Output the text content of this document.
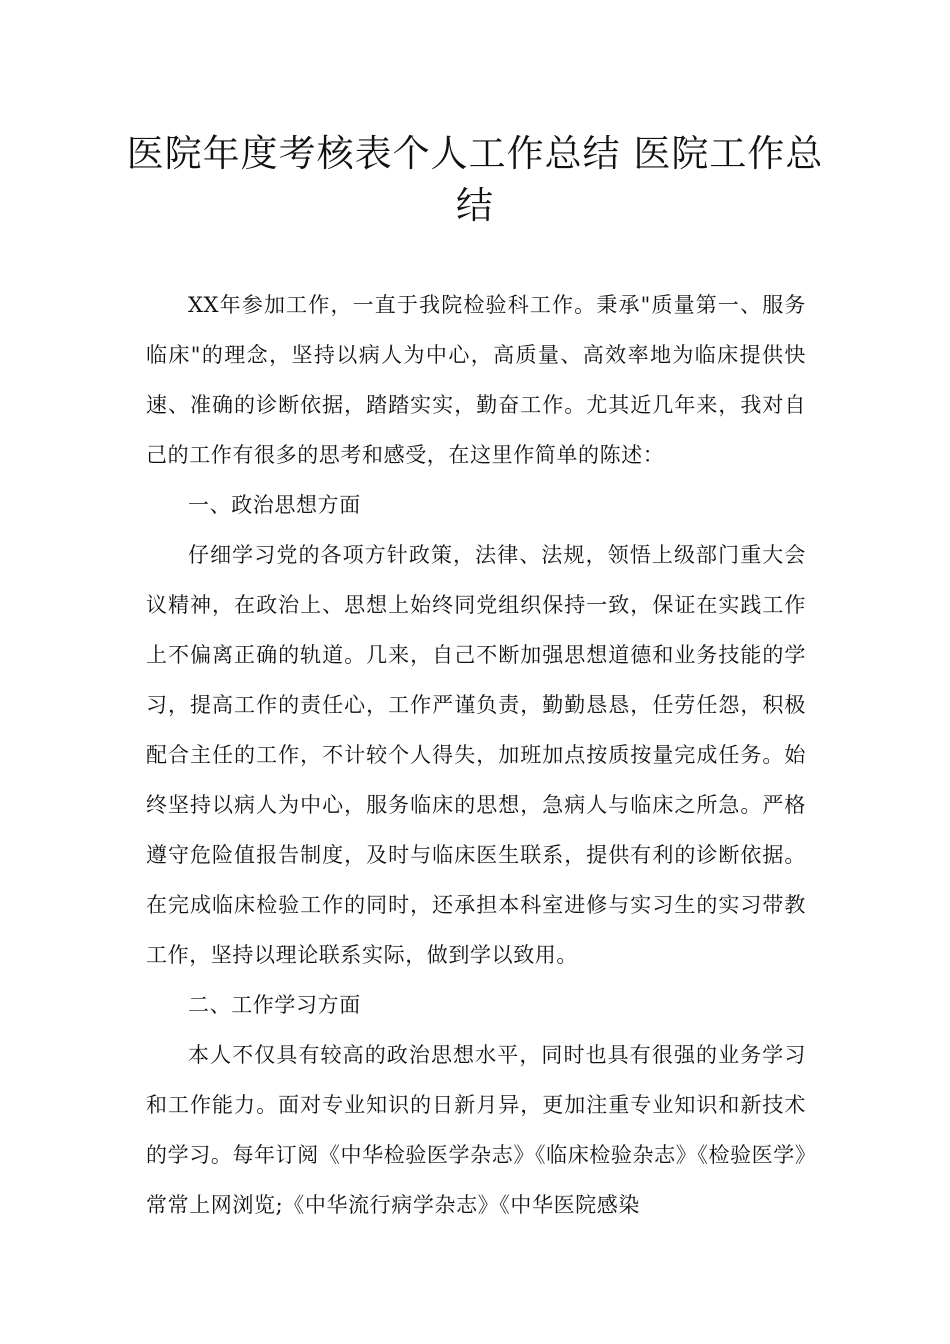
医院年度考核表个人工作总结 医院工作总结

XX年参加工作，一直于我院检验科工作。秉承"质量第一、服务临床"的理念，坚持以病人为中心，高质量、高效率地为临床提供快速、准确的诊断依据，踏踏实实，勤奋工作。尤其近几年来，我对自己的工作有很多的思考和感受，在这里作简单的陈述：

一、政治思想方面

仔细学习党的各项方针政策，法律、法规，领悟上级部门重大会议精神，在政治上、思想上始终同党组织保持一致，保证在实践工作上不偏离正确的轨道。几来，自己不断加强思想道德和业务技能的学习，提高工作的责任心，工作严谨负责，勤勤恳恳，任劳任怨，积极配合主任的工作，不计较个人得失，加班加点按质按量完成任务。始终坚持以病人为中心，服务临床的思想，急病人与临床之所急。严格遵守危险值报告制度，及时与临床医生联系，提供有利的诊断依据。在完成临床检验工作的同时，还承担本科室进修与实习生的实习带教工作，坚持以理论联系实际，做到学以致用。

二、工作学习方面

本人不仅具有较高的政治思想水平，同时也具有很强的业务学习和工作能力。面对专业知识的日新月异，更加注重专业知识和新技术的学习。每年订阅《中华检验医学杂志》《临床检验杂志》《检验医学》常常上网浏览;《中华流行病学杂志》《中华医院感染
